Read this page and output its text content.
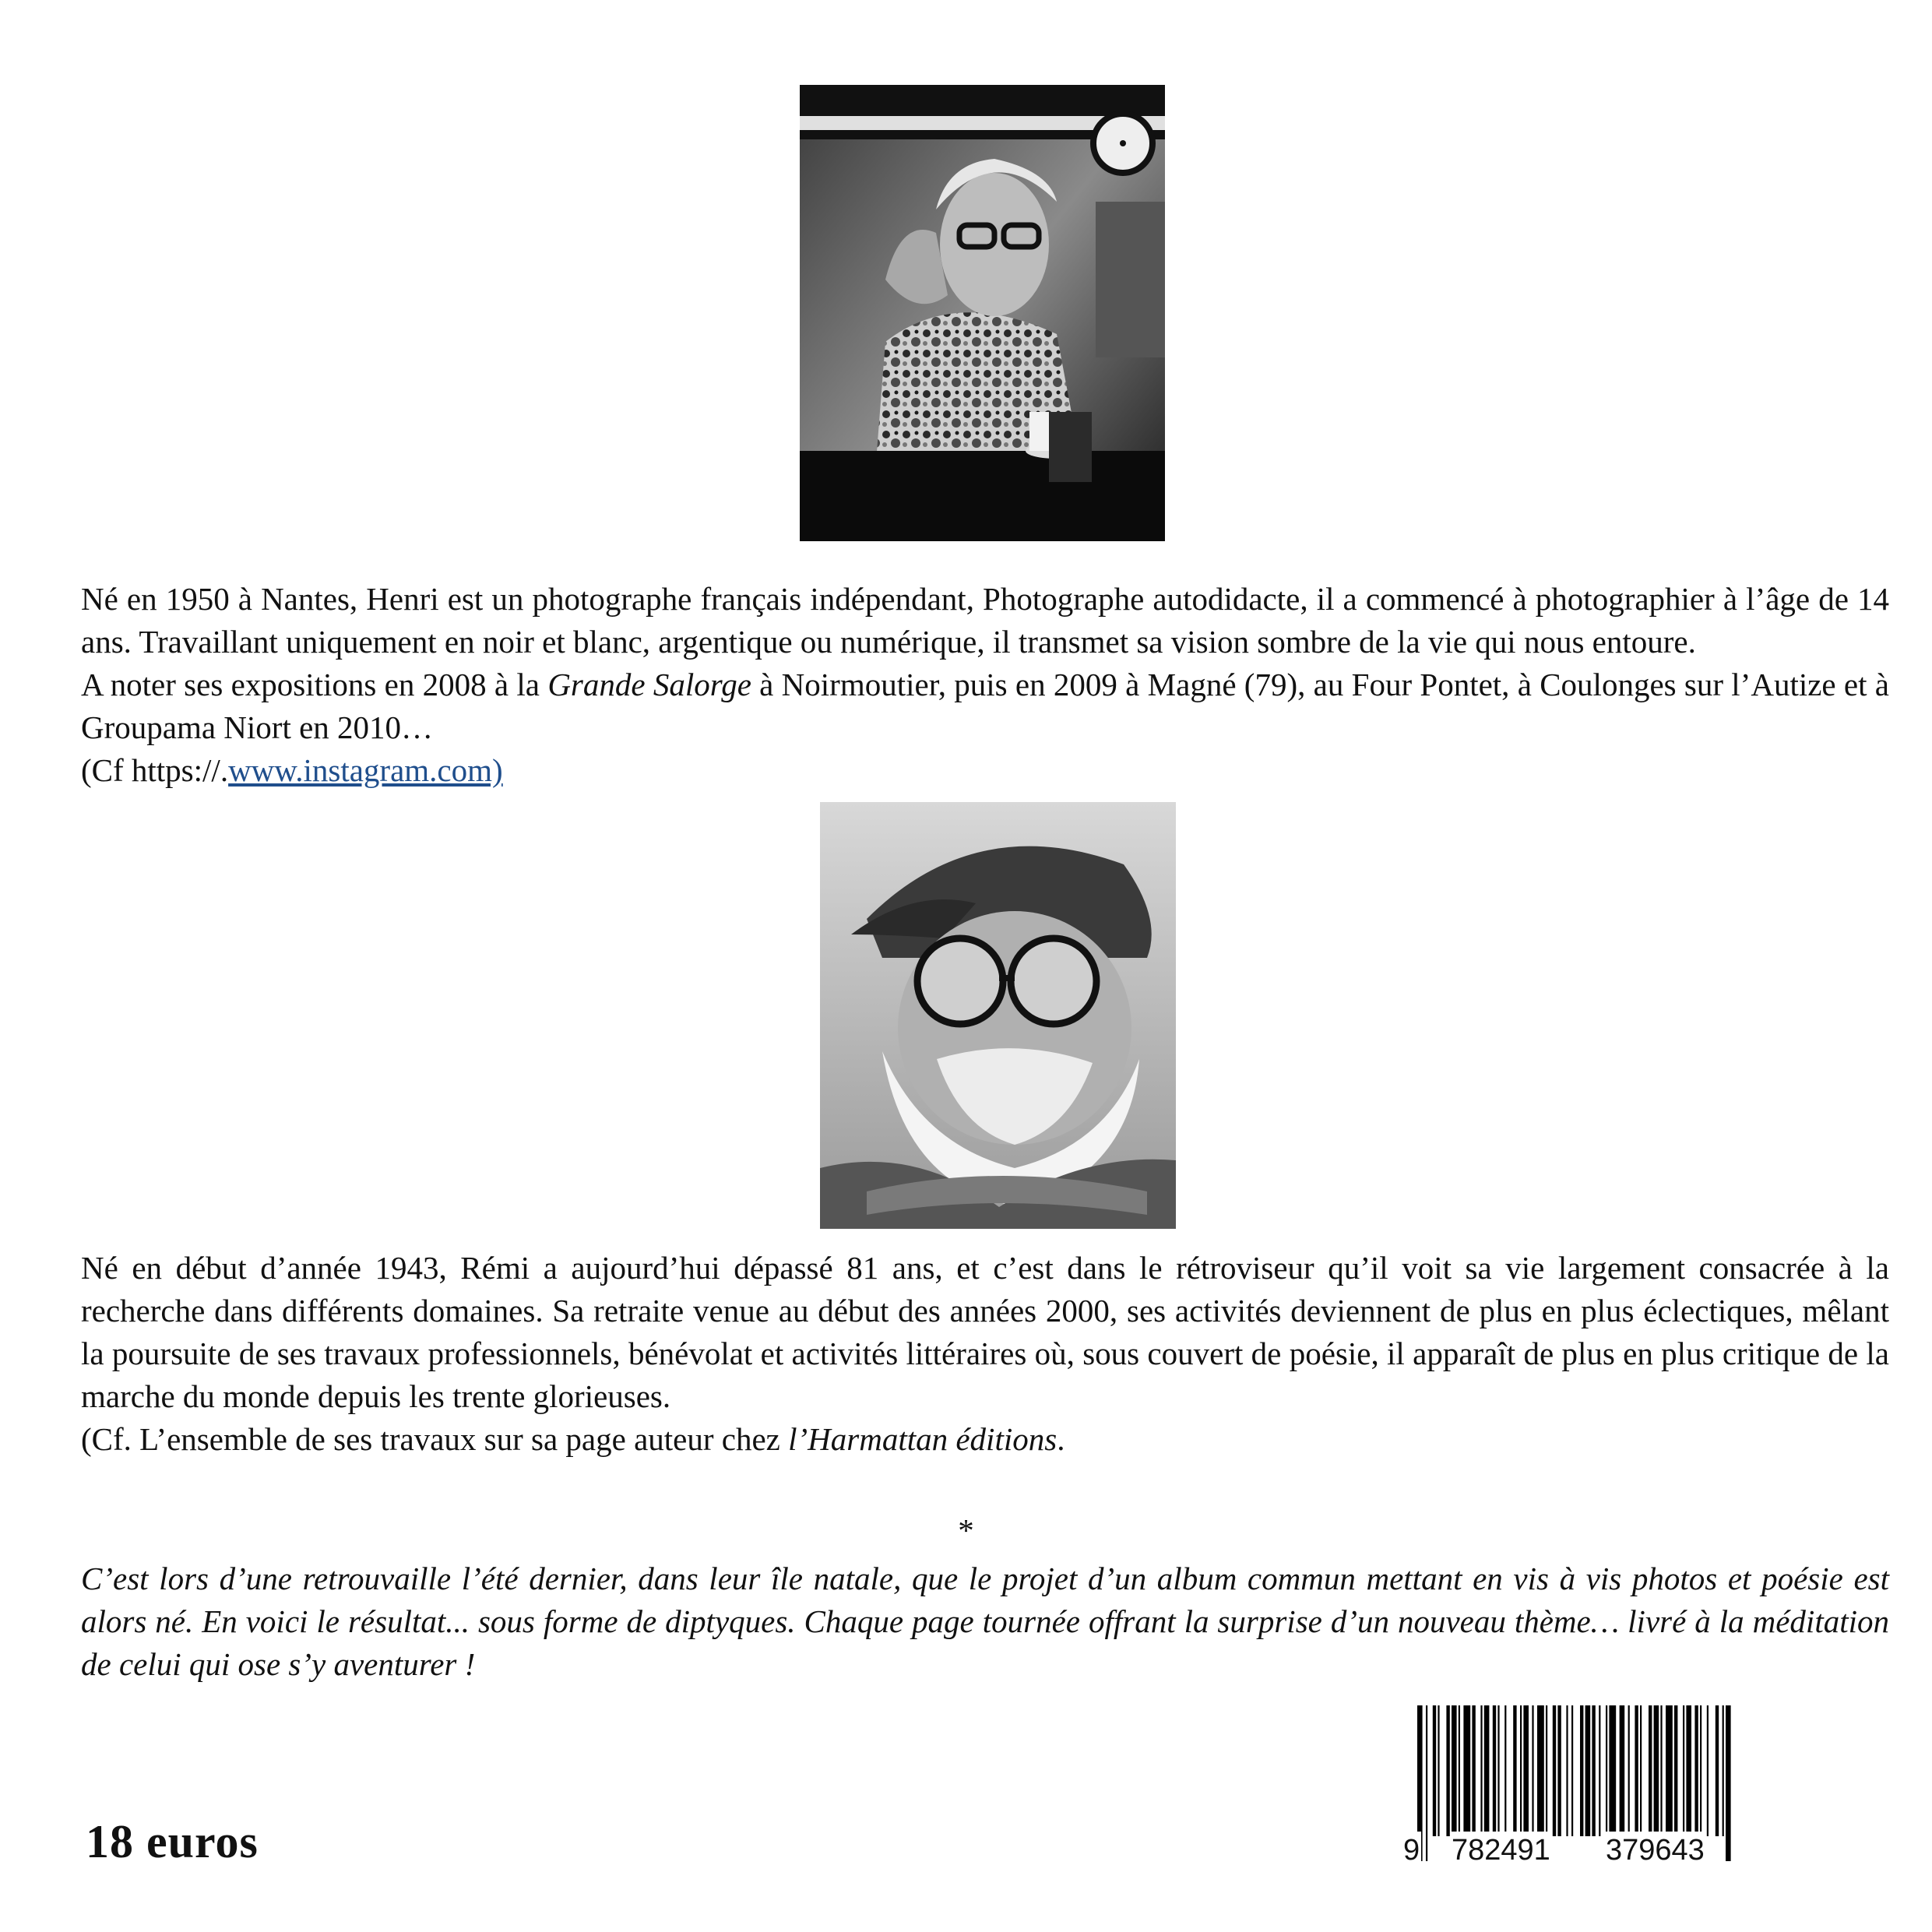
Né en 1950 à Nantes, Henri est un photographe français indépendant, Photographe autodidacte, il a commencé à photographier à l’âge de 14 ans. Travaillant uniquement en noir et blanc, argentique ou numérique, il transmet sa vision sombre de la vie qui nous entoure.

A noter ses expositions en 2008 à la Grande Salorge à Noirmoutier, puis en 2009 à Magné (79), au Four Pontet, à Coulonges sur l’Autize et à Groupama Niort en 2010…

(Cf https://.www.instagram.com)

Né en début d’année 1943, Rémi a aujourd’hui dépassé 81 ans, et c’est dans le rétroviseur qu’il voit sa vie largement consacrée à la recherche dans différents domaines. Sa retraite venue au début des années 2000, ses activités deviennent de plus en plus éclectiques, mêlant la poursuite de ses travaux professionnels, bénévolat et activités littéraires où, sous couvert de poésie, il apparaît de plus en plus critique de la marche du monde depuis les trente glorieuses.

(Cf. L’ensemble de ses travaux sur sa page auteur chez l’Harmattan éditions.

*

C’est lors d’une retrouvaille l’été dernier, dans leur île natale, que le projet d’un album commun mettant en vis à vis photos et poésie est alors né. En voici le résultat... sous forme de diptyques. Chaque page tournée offrant la surprise d’un nouveau thème… livré à la méditation de celui qui ose s’y aventurer !

18 euros	9 782491 379643
